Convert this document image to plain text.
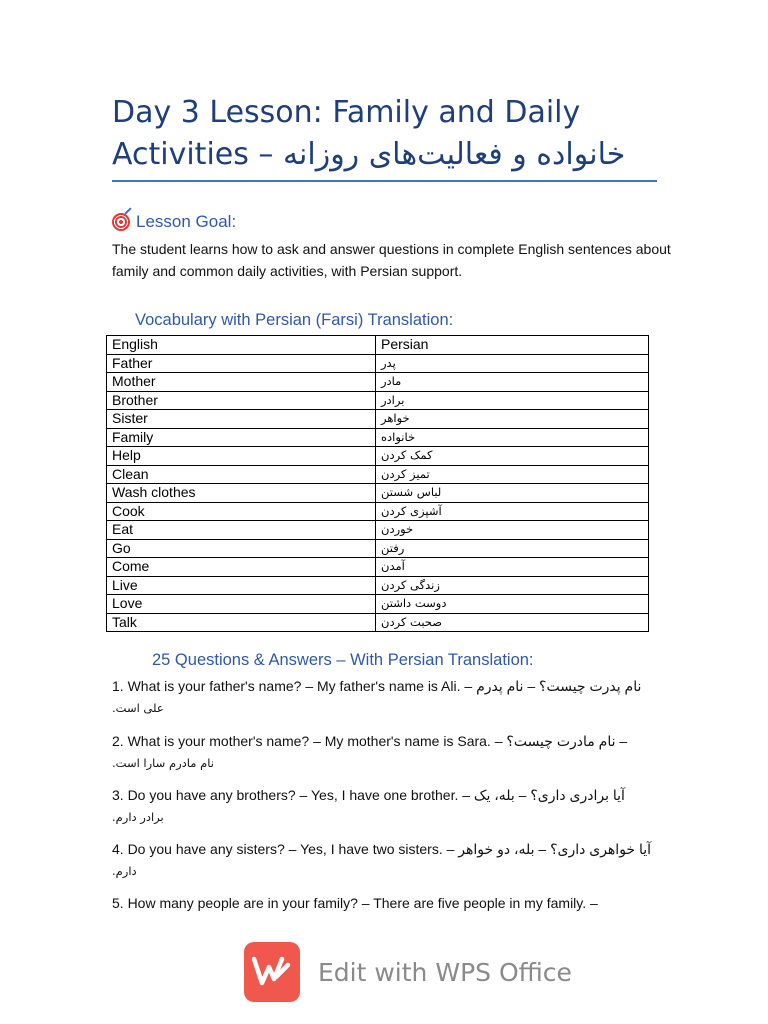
Day 3 Lesson: Family and Daily Activities – خانواده و فعالیت‌های روزانه
Lesson Goal:
The student learns how to ask and answer questions in complete English sentences about family and common daily activities, with Persian support.
Vocabulary with Persian (Farsi) Translation:
English	Persian
Father	پدر

Mother	مادر

Brother	برادر

Sister	خواهر

Family	خانواده

Help	کمک کردن

Clean	تمیز کردن

Wash clothes	لباس شستن

Cook	آشپزی کردن

Eat	خوردن

Go	رفتن

Come	آمدن

Live	زندگی کردن

Love	دوست داشتن

Talk	صحبت کردن
25 Questions & Answers – With Persian Translation:
1. What is your father's name? – My father's name is Ali. – نام پدرت چیست؟ – نام پدرم
علی است.
2. What is your mother's name? – My mother's name is Sara. – نام مادرت چیست؟ –
نام مادرم سارا است.
3. Do you have any brothers? – Yes, I have one brother. – آیا برادری داری؟ – بله، یک
برادر دارم.
4. Do you have any sisters? – Yes, I have two sisters. – آیا خواهری داری؟ – بله، دو خواهر
دارم.
5. How many people are in your family? – There are five people in my family. –
Edit with WPS Office
